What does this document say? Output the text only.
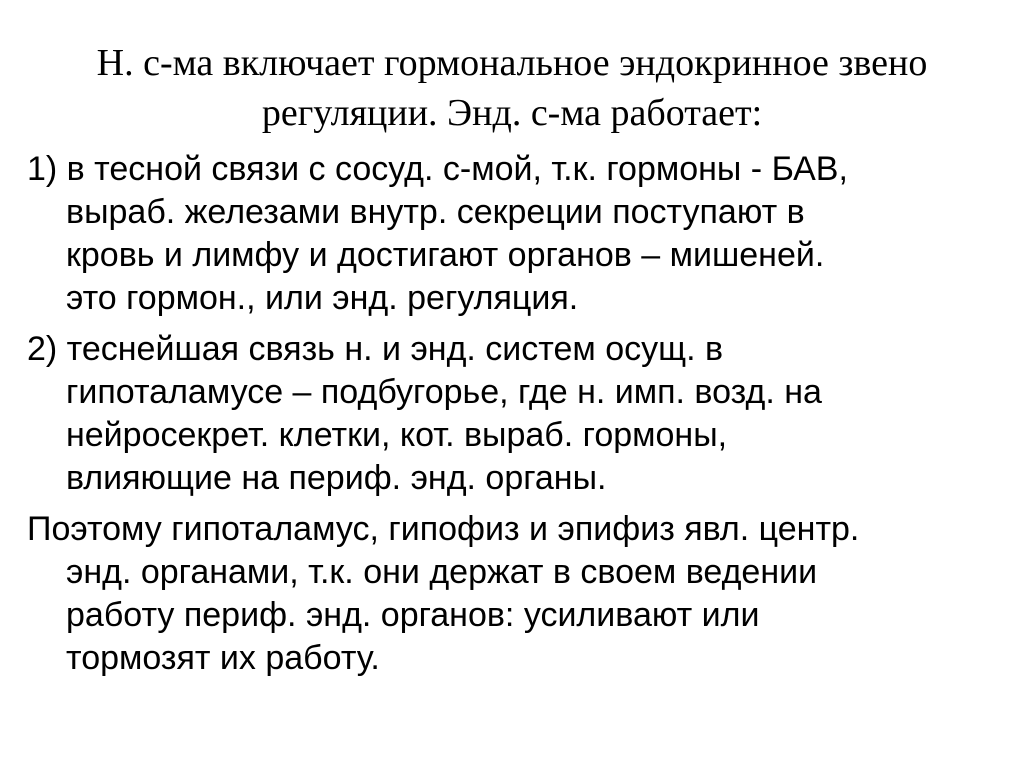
Н. с-ма включает гормональное эндокринное звено
регуляции. Энд. с-ма работает:
1) в тесной связи с сосуд. с-мой, т.к. гормоны - БАВ,
выраб. железами внутр. секреции поступают в
кровь и лимфу и достигают органов – мишеней.
это гормон., или энд. регуляция.
2) теснейшая связь н. и энд. систем осущ. в
гипоталамусе – подбугорье, где н. имп. возд. на
нейросекрет. клетки, кот. выраб. гормоны,
влияющие на периф. энд. органы.
Поэтому гипоталамус, гипофиз и эпифиз явл. центр.
энд. органами, т.к. они держат в своем ведении
работу периф. энд. органов: усиливают или
тормозят их работу.
